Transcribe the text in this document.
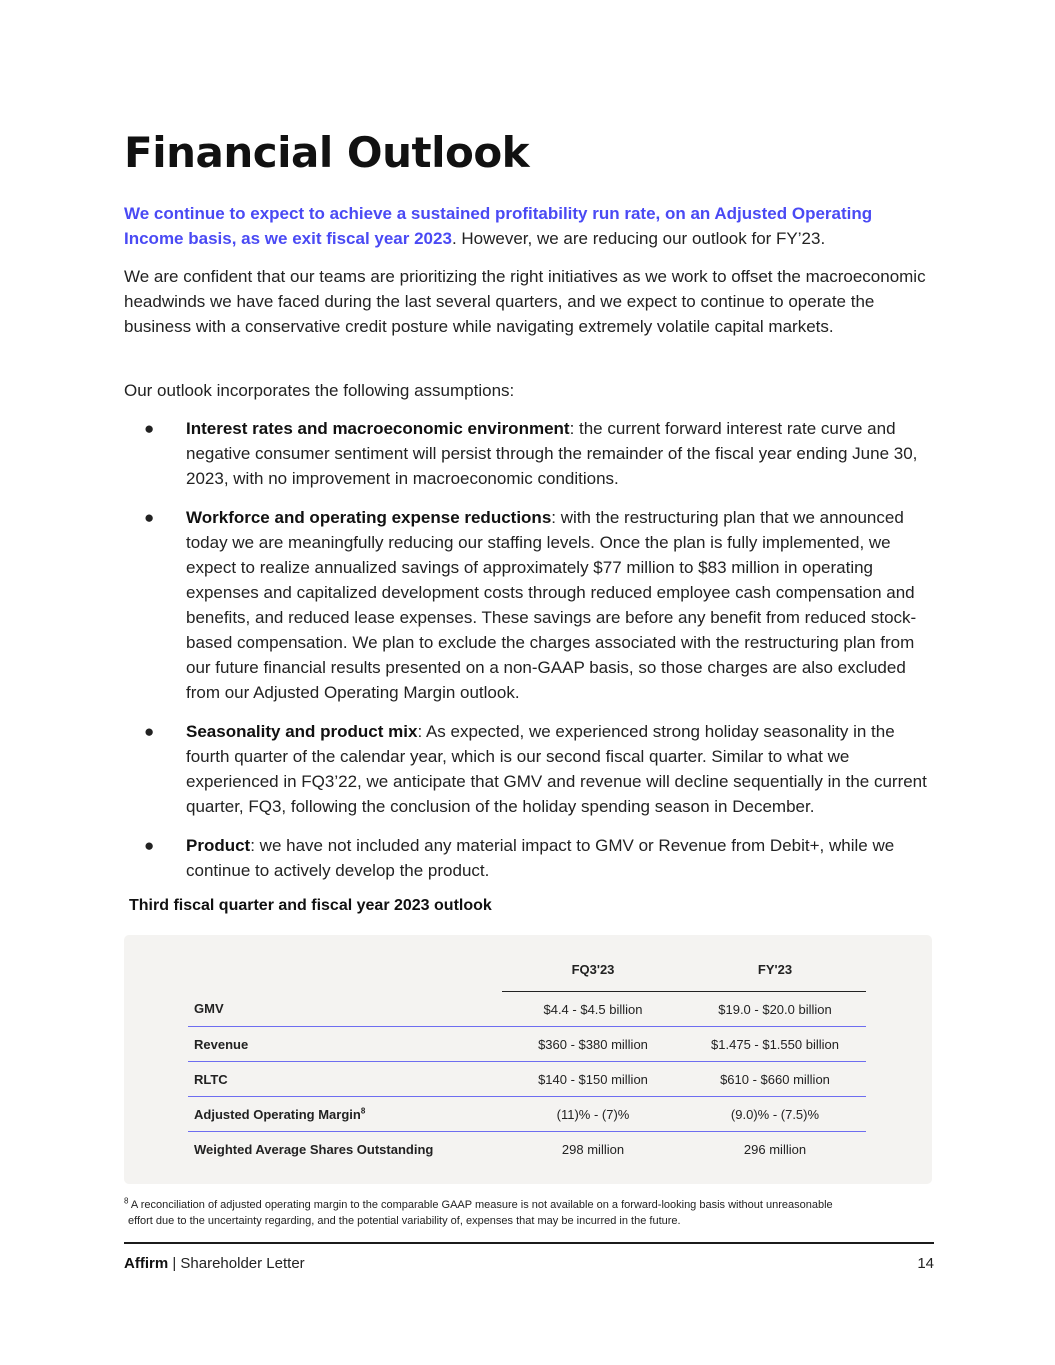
Financial Outlook

We continue to expect to achieve a sustained profitability run rate, on an Adjusted Operating Income basis, as we exit fiscal year 2023. However, we are reducing our outlook for FY’23.

We are confident that our teams are prioritizing the right initiatives as we work to offset the macroeconomic headwinds we have faced during the last several quarters, and we expect to continue to operate the business with a conservative credit posture while navigating extremely volatile capital markets.

Our outlook incorporates the following assumptions:

● Interest rates and macroeconomic environment: the current forward interest rate curve and negative consumer sentiment will persist through the remainder of the fiscal year ending June 30, 2023, with no improvement in macroeconomic conditions.
● Workforce and operating expense reductions: with the restructuring plan that we announced today we are meaningfully reducing our staffing levels. Once the plan is fully implemented, we expect to realize annualized savings of approximately $77 million to $83 million in operating expenses and capitalized development costs through reduced employee cash compensation and benefits, and reduced lease expenses. These savings are before any benefit from reduced stock-based compensation. We plan to exclude the charges associated with the restructuring plan from our future financial results presented on a non-GAAP basis, so those charges are also excluded from our Adjusted Operating Margin outlook.
● Seasonality and product mix: As expected, we experienced strong holiday seasonality in the fourth quarter of the calendar year, which is our second fiscal quarter. Similar to what we experienced in FQ3’22, we anticipate that GMV and revenue will decline sequentially in the current quarter, FQ3, following the conclusion of the holiday spending season in December.
● Product: we have not included any material impact to GMV or Revenue from Debit+, while we continue to actively develop the product.
Third fiscal quarter and fiscal year 2023 outlook
	FQ3'23	FY'23
GMV	$4.4 - $4.5 billion	$19.0 - $20.0 billion
Revenue	$360 - $380 million	$1.475 - $1.550 billion
RLTC	$140 - $150 million	$610 - $660 million
Adjusted Operating Margin$^8$	(11)% - (7)%	(9.0)% - (7.5)%
Weighted Average Shares Outstanding	298 million	296 million

$^8$ A reconciliation of adjusted operating margin to the comparable GAAP measure is not available on a forward-looking basis without unreasonable
effort due to the uncertainty regarding, and the potential variability of, expenses that may be incurred in the future.

Affirm | Shareholder Letter	14
